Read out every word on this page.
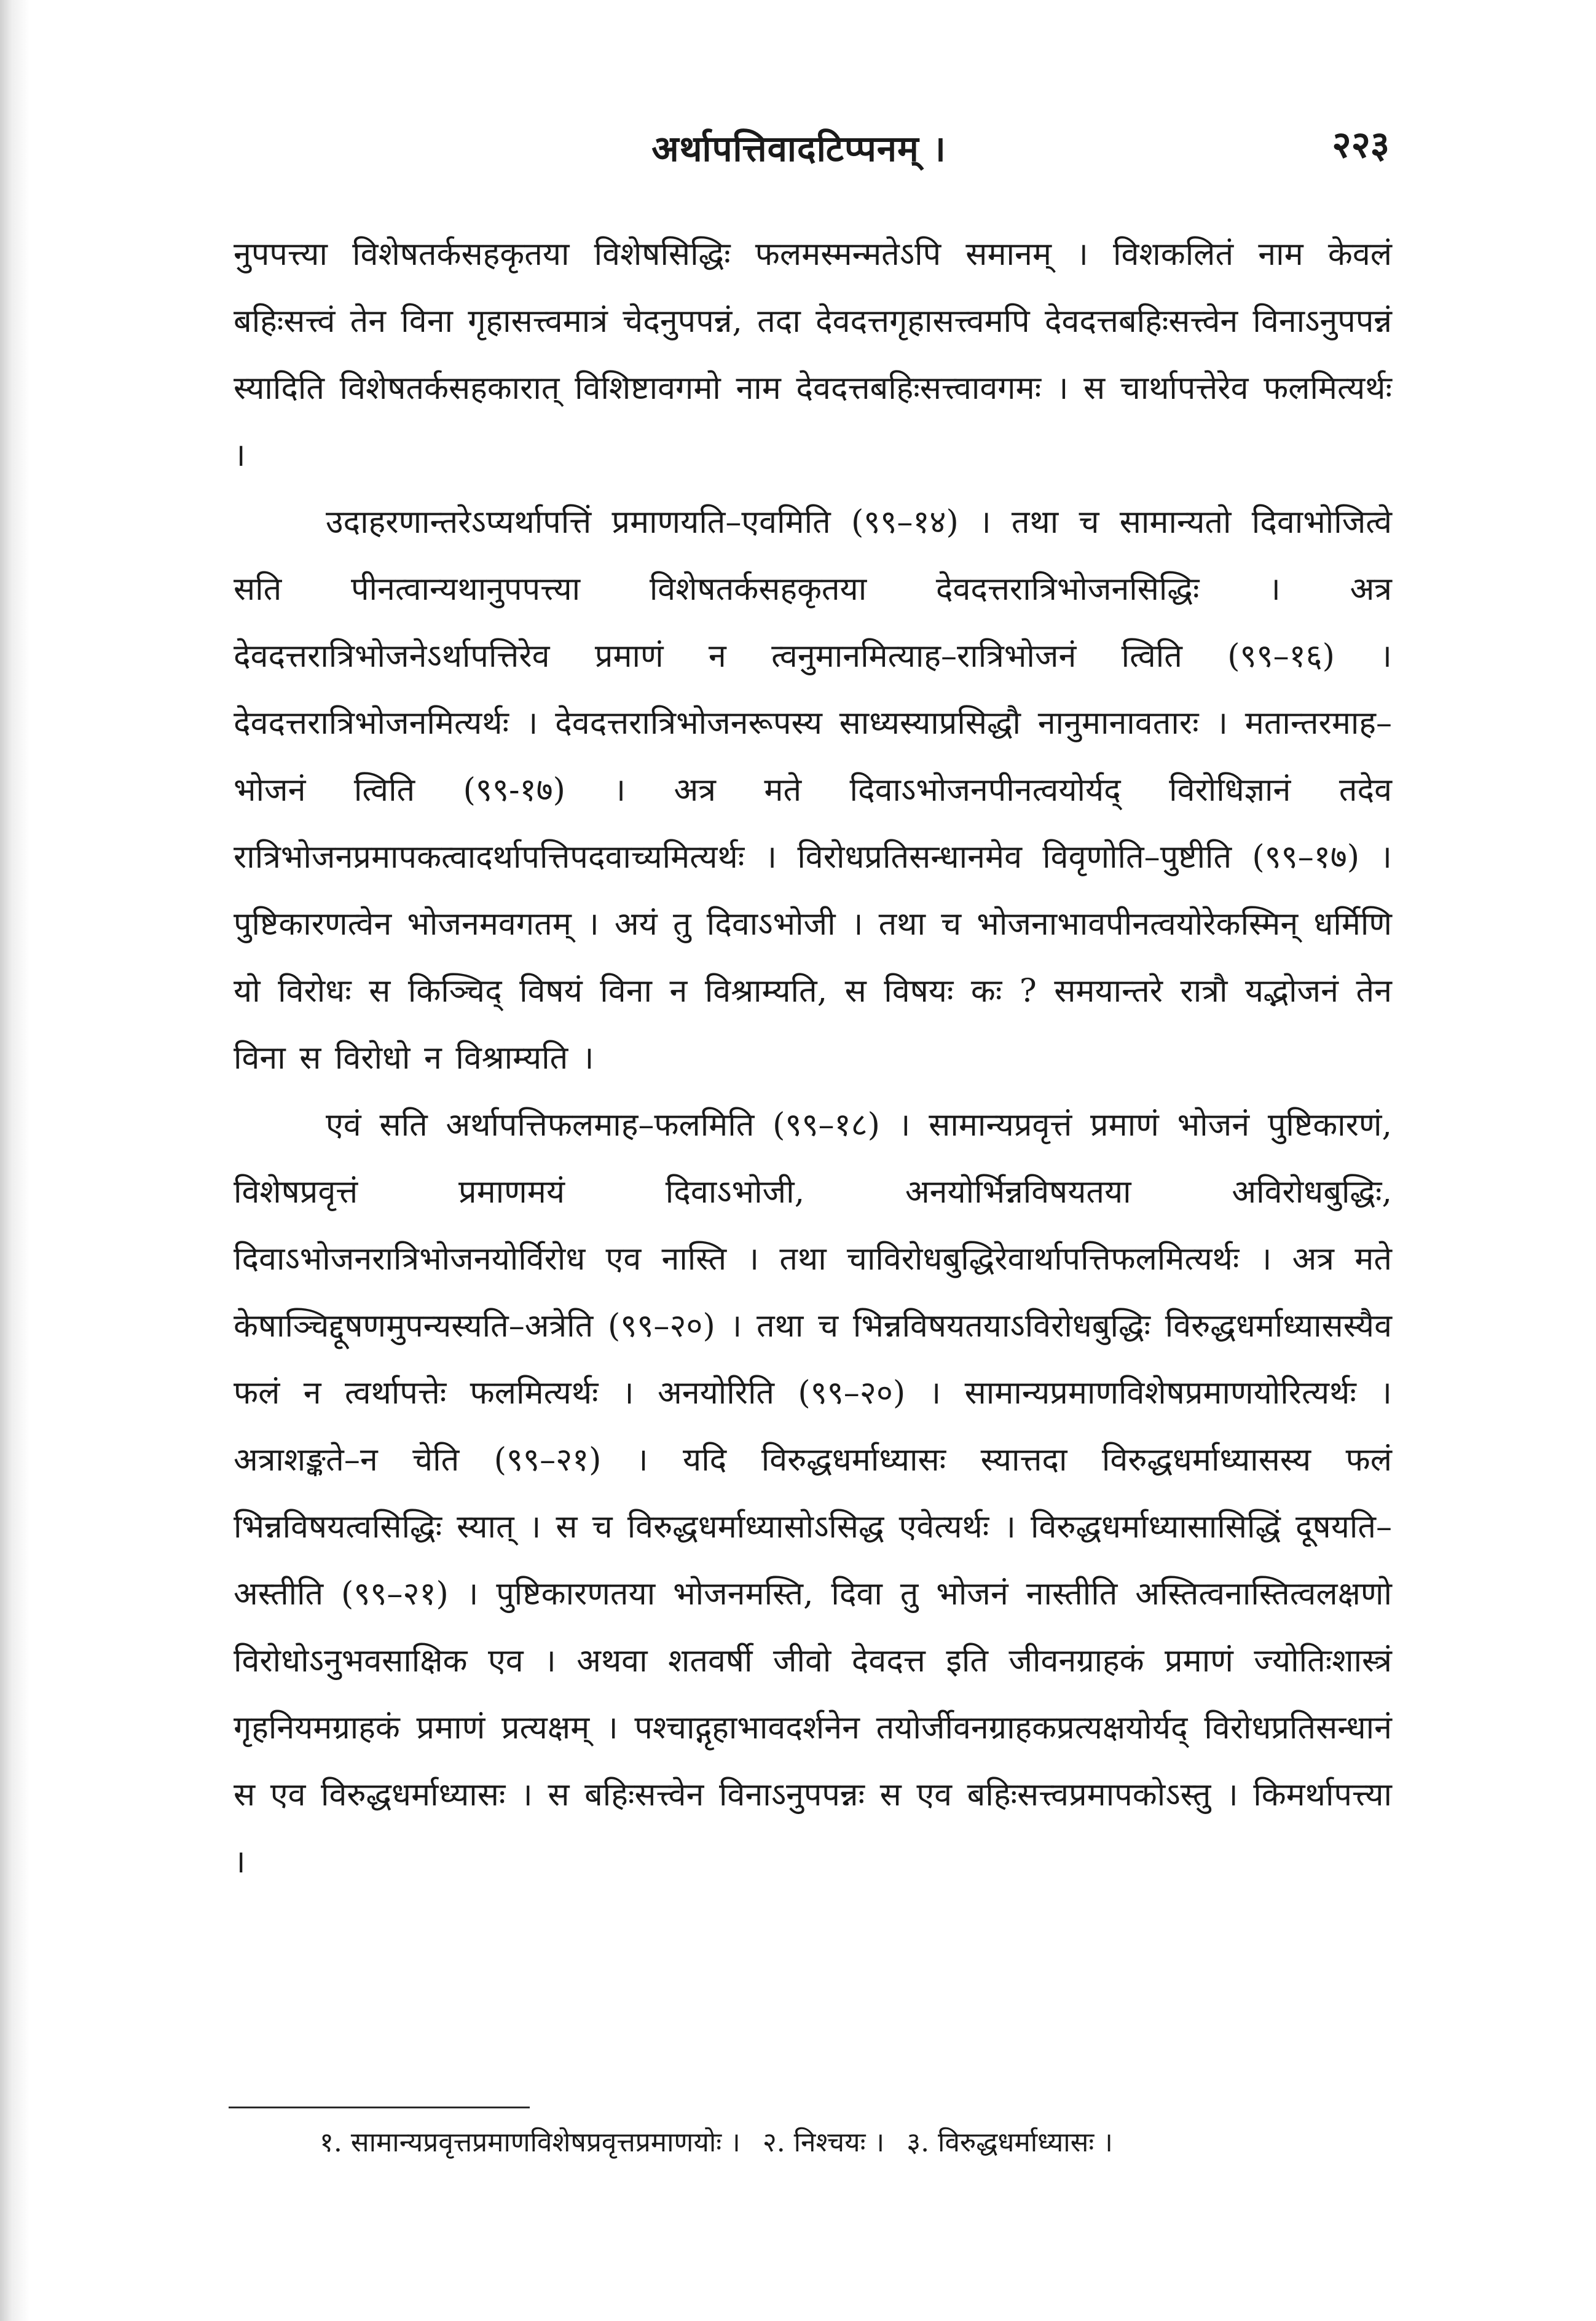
अर्थापत्तिवादटिप्पनम् ।	२२३

नुपपत्त्या विशेषतर्कसहकृतया विशेषसिद्धिः फलमस्मन्मतेऽपि समानम् । विशकलितं नाम केवलं बहिःसत्त्वं तेन विना गृहासत्त्वमात्रं चेदनुपपन्नं, तदा देवदत्तगृहासत्त्वमपि देवदत्तबहिःसत्त्वेन विनाऽनुपपन्नं स्यादिति विशेषतर्कसहकारात् विशिष्टावगमो नाम देवदत्तबहिःसत्त्वावगमः । स चार्थापत्तेरेव फलमित्यर्थः ।

उदाहरणान्तरेऽप्यर्थापत्तिं प्रमाणयति–एवमिति (९९–१४) । तथा च सामान्यतो दिवाभोजित्वे सति पीनत्वान्यथानुपपत्त्या विशेषतर्कसहकृतया देवदत्तरात्रिभोजनसिद्धिः । अत्र देवदत्तरात्रिभोजनेऽर्थापत्तिरेव प्रमाणं न त्वनुमानमित्याह–रात्रिभोजनं त्विति (९९–१६) । देवदत्तरात्रिभोजनमित्यर्थः । देवदत्तरात्रिभोजनरूपस्य साध्यस्याप्रसिद्धौ नानुमानावतारः । मतान्तरमाह–भोजनं त्विति (९९-१७) । अत्र मते दिवाऽभोजनपीनत्वयोर्यद् विरोधिज्ञानं तदेव रात्रिभोजनप्रमापकत्वादर्थापत्तिपदवाच्यमित्यर्थः । विरोधप्रतिसन्धानमेव विवृणोति–पुष्टीति (९९–१७) । पुष्टिकारणत्वेन भोजनमवगतम् । अयं तु दिवाऽभोजी । तथा च भोजनाभावपीनत्वयोरेकस्मिन् धर्मिणि यो विरोधः स किञ्चिद् विषयं विना न विश्राम्यति, स विषयः कः ? समयान्तरे रात्रौ यद्भोजनं तेन विना स विरोधो न विश्राम्यति ।

एवं सति अर्थापत्तिफलमाह–फलमिति (९९–१८) । सामान्यप्रवृत्तं प्रमाणं भोजनं पुष्टिकारणं, विशेषप्रवृत्तं प्रमाणमयं दिवाऽभोजी, अनयोर्भिन्नविषयतया अविरोधबुद्धिः, दिवाऽभोजनरात्रिभोजनयोर्विरोध एव नास्ति । तथा चाविरोधबुद्धिरेवार्थापत्तिफलमित्यर्थः । अत्र मते केषाञ्चिद्दूषणमुपन्यस्यति–अत्रेति (९९–२०) । तथा च भिन्नविषयतयाऽविरोधबुद्धिः विरुद्धधर्माध्यासस्यैव फलं न त्वर्थापत्तेः फलमित्यर्थः । अनयोरिति (९९–२०) । सामान्यप्रमाणविशेषप्रमाणयोरित्यर्थः । अत्राशङ्कते–न चेति (९९–२१) । यदि विरुद्धधर्माध्यासः स्यात्तदा विरुद्धधर्माध्यासस्य फलं भिन्नविषयत्वसिद्धिः स्यात् । स च विरुद्धधर्माध्यासोऽसिद्ध एवेत्यर्थः । विरुद्धधर्माध्यासासिद्धिं दूषयति–अस्तीति (९९–२१) । पुष्टिकारणतया भोजनमस्ति, दिवा तु भोजनं नास्तीति अस्तित्वनास्तित्वलक्षणो विरोधोऽनुभवसाक्षिक एव । अथवा शतवर्षी जीवो देवदत्त इति जीवनग्राहकं प्रमाणं ज्योतिःशास्त्रं गृहनियमग्राहकं प्रमाणं प्रत्यक्षम् । पश्चाद्गृहाभावदर्शनेन तयोर्जीवनग्राहकप्रत्यक्षयोर्यद् विरोधप्रतिसन्धानं स एव विरुद्धधर्माध्यासः । स बहिःसत्त्वेन विनाऽनुपपन्नः स एव बहिःसत्त्वप्रमापकोऽस्तु । किमर्थापत्त्या ।

१. सामान्यप्रवृत्तप्रमाणविशेषप्रवृत्तप्रमाणयोः । २. निश्चयः । ३. विरुद्धधर्माध्यासः ।
